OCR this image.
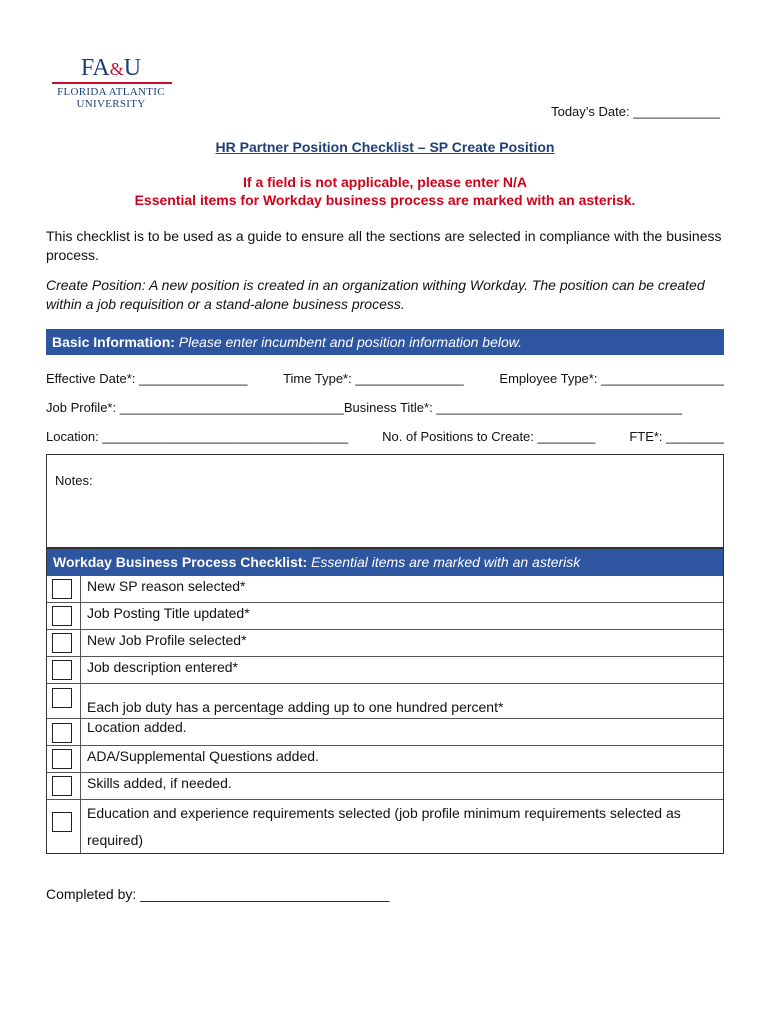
FA&U
FLORIDA ATLANTIC
UNIVERSITY	Today’s Date: ____________
HR Partner Position Checklist – SP Create Position
If a field is not applicable, please enter N/A
Essential items for Workday business process are marked with an asterisk.
This checklist is to be used as a guide to ensure all the sections are selected in compliance with the business process.
Create Position: A new position is created in an organization withing Workday. The position can be created within a job requisition or a stand-alone business process.
Basic Information: Please enter incumbent and position information below.
Effective Date*: _______________	Time Type*: _______________	Employee Type*: _________________
Job Profile*: _______________________________Business Title*: __________________________________
Location: __________________________________	No. of Positions to Create: ________	FTE*: ________
Notes:
Workday Business Process Checklist: Essential items are marked with an asterisk
New SP reason selected*
Job Posting Title updated*
New Job Profile selected*
Job description entered*
Each job duty has a percentage adding up to one hundred percent*
Location added.
ADA/Supplemental Questions added.
Skills added, if needed.
Education and experience requirements selected (job profile minimum requirements selected as required)
Completed by: ________________________________
